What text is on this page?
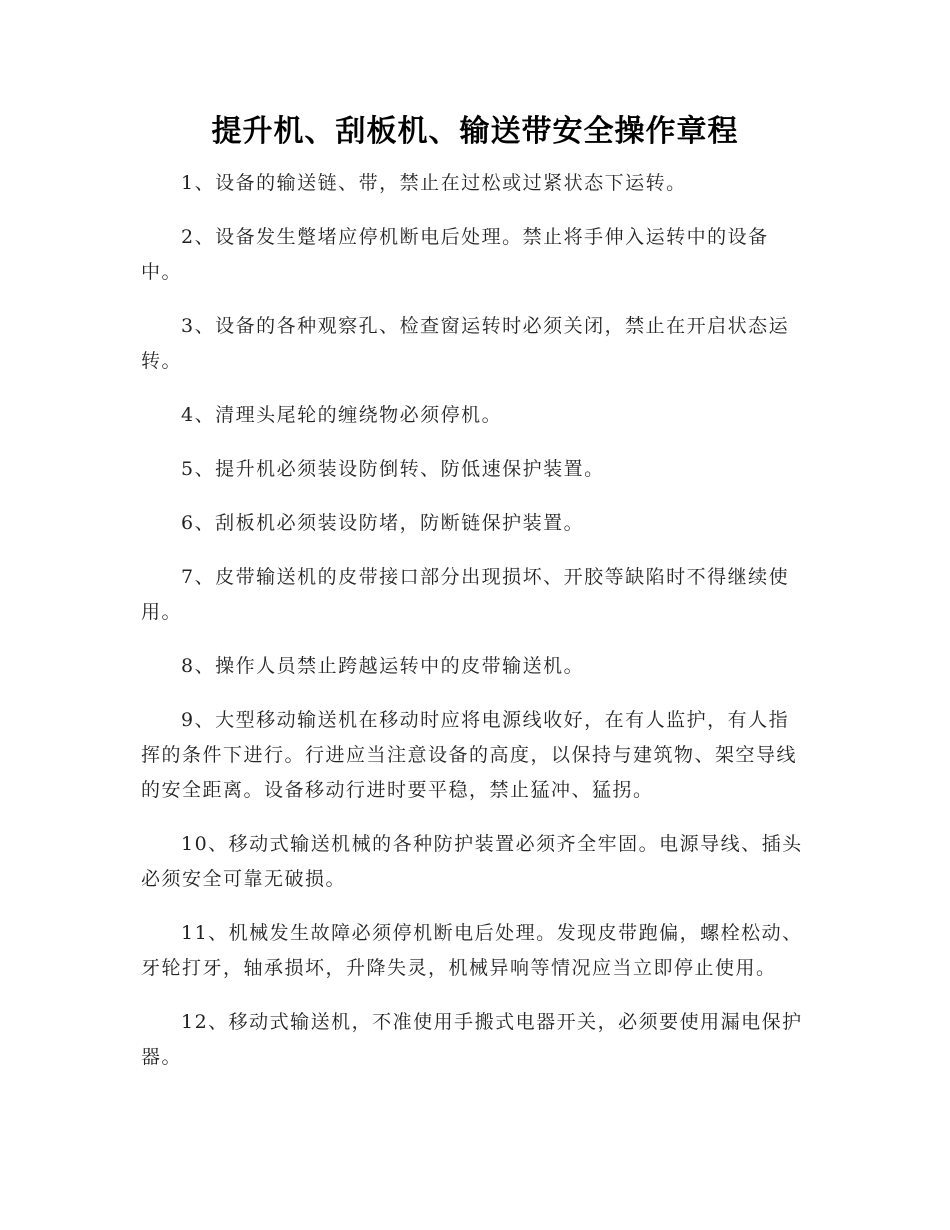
提升机、刮板机、输送带安全操作章程

1、设备的输送链、带，禁止在过松或过紧状态下运转。

2、设备发生蹩堵应停机断电后处理。禁止将手伸入运转中的设备中。

3、设备的各种观察孔、检查窗运转时必须关闭，禁止在开启状态运转。

4、清理头尾轮的缠绕物必须停机。

5、提升机必须装设防倒转、防低速保护装置。

6、刮板机必须装设防堵，防断链保护装置。

7、皮带输送机的皮带接口部分出现损坏、开胶等缺陷时不得继续使用。

8、操作人员禁止跨越运转中的皮带输送机。

9、大型移动输送机在移动时应将电源线收好，在有人监护，有人指挥的条件下进行。行进应当注意设备的高度，以保持与建筑物、架空导线的安全距离。设备移动行进时要平稳，禁止猛冲、猛拐。

10、移动式输送机械的各种防护装置必须齐全牢固。电源导线、插头必须安全可靠无破损。

11、机械发生故障必须停机断电后处理。发现皮带跑偏，螺栓松动、牙轮打牙，轴承损坏，升降失灵，机械异响等情况应当立即停止使用。

12、移动式输送机，不准使用手搬式电器开关，必须要使用漏电保护器。
